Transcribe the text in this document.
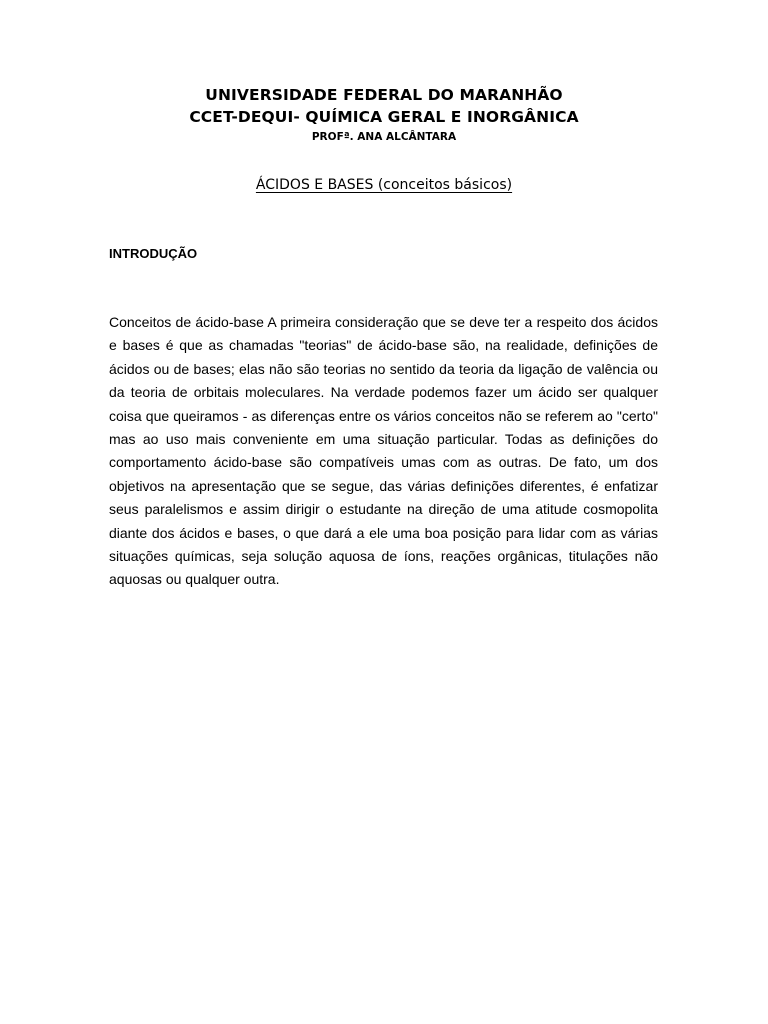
UNIVERSIDADE FEDERAL DO MARANHÃO
CCET-DEQUI- QUÍMICA GERAL E INORGÂNICA
PROFª. ANA ALCÂNTARA
ÁCIDOS E BASES (conceitos básicos)
INTRODUÇÃO

Conceitos de ácido-base A primeira consideração que se deve ter a respeito dos ácidos e bases é que as chamadas "teorias" de ácido-base são, na realidade, definições de ácidos ou de bases; elas não são teorias no sentido da teoria da ligação de valência ou da teoria de orbitais moleculares. Na verdade podemos fazer um ácido ser qualquer coisa que queiramos - as diferenças entre os vários conceitos não se referem ao "certo" mas ao uso mais conveniente em uma situação particular. Todas as definições do comportamento ácido-base são compatíveis umas com as outras. De fato, um dos objetivos na apresentação que se segue, das várias definições diferentes, é enfatizar seus paralelismos e assim dirigir o estudante na direção de uma atitude cosmopolita diante dos ácidos e bases, o que dará a ele uma boa posição para lidar com as várias situações químicas, seja solução aquosa de íons, reações orgânicas, titulações não aquosas ou qualquer outra.
